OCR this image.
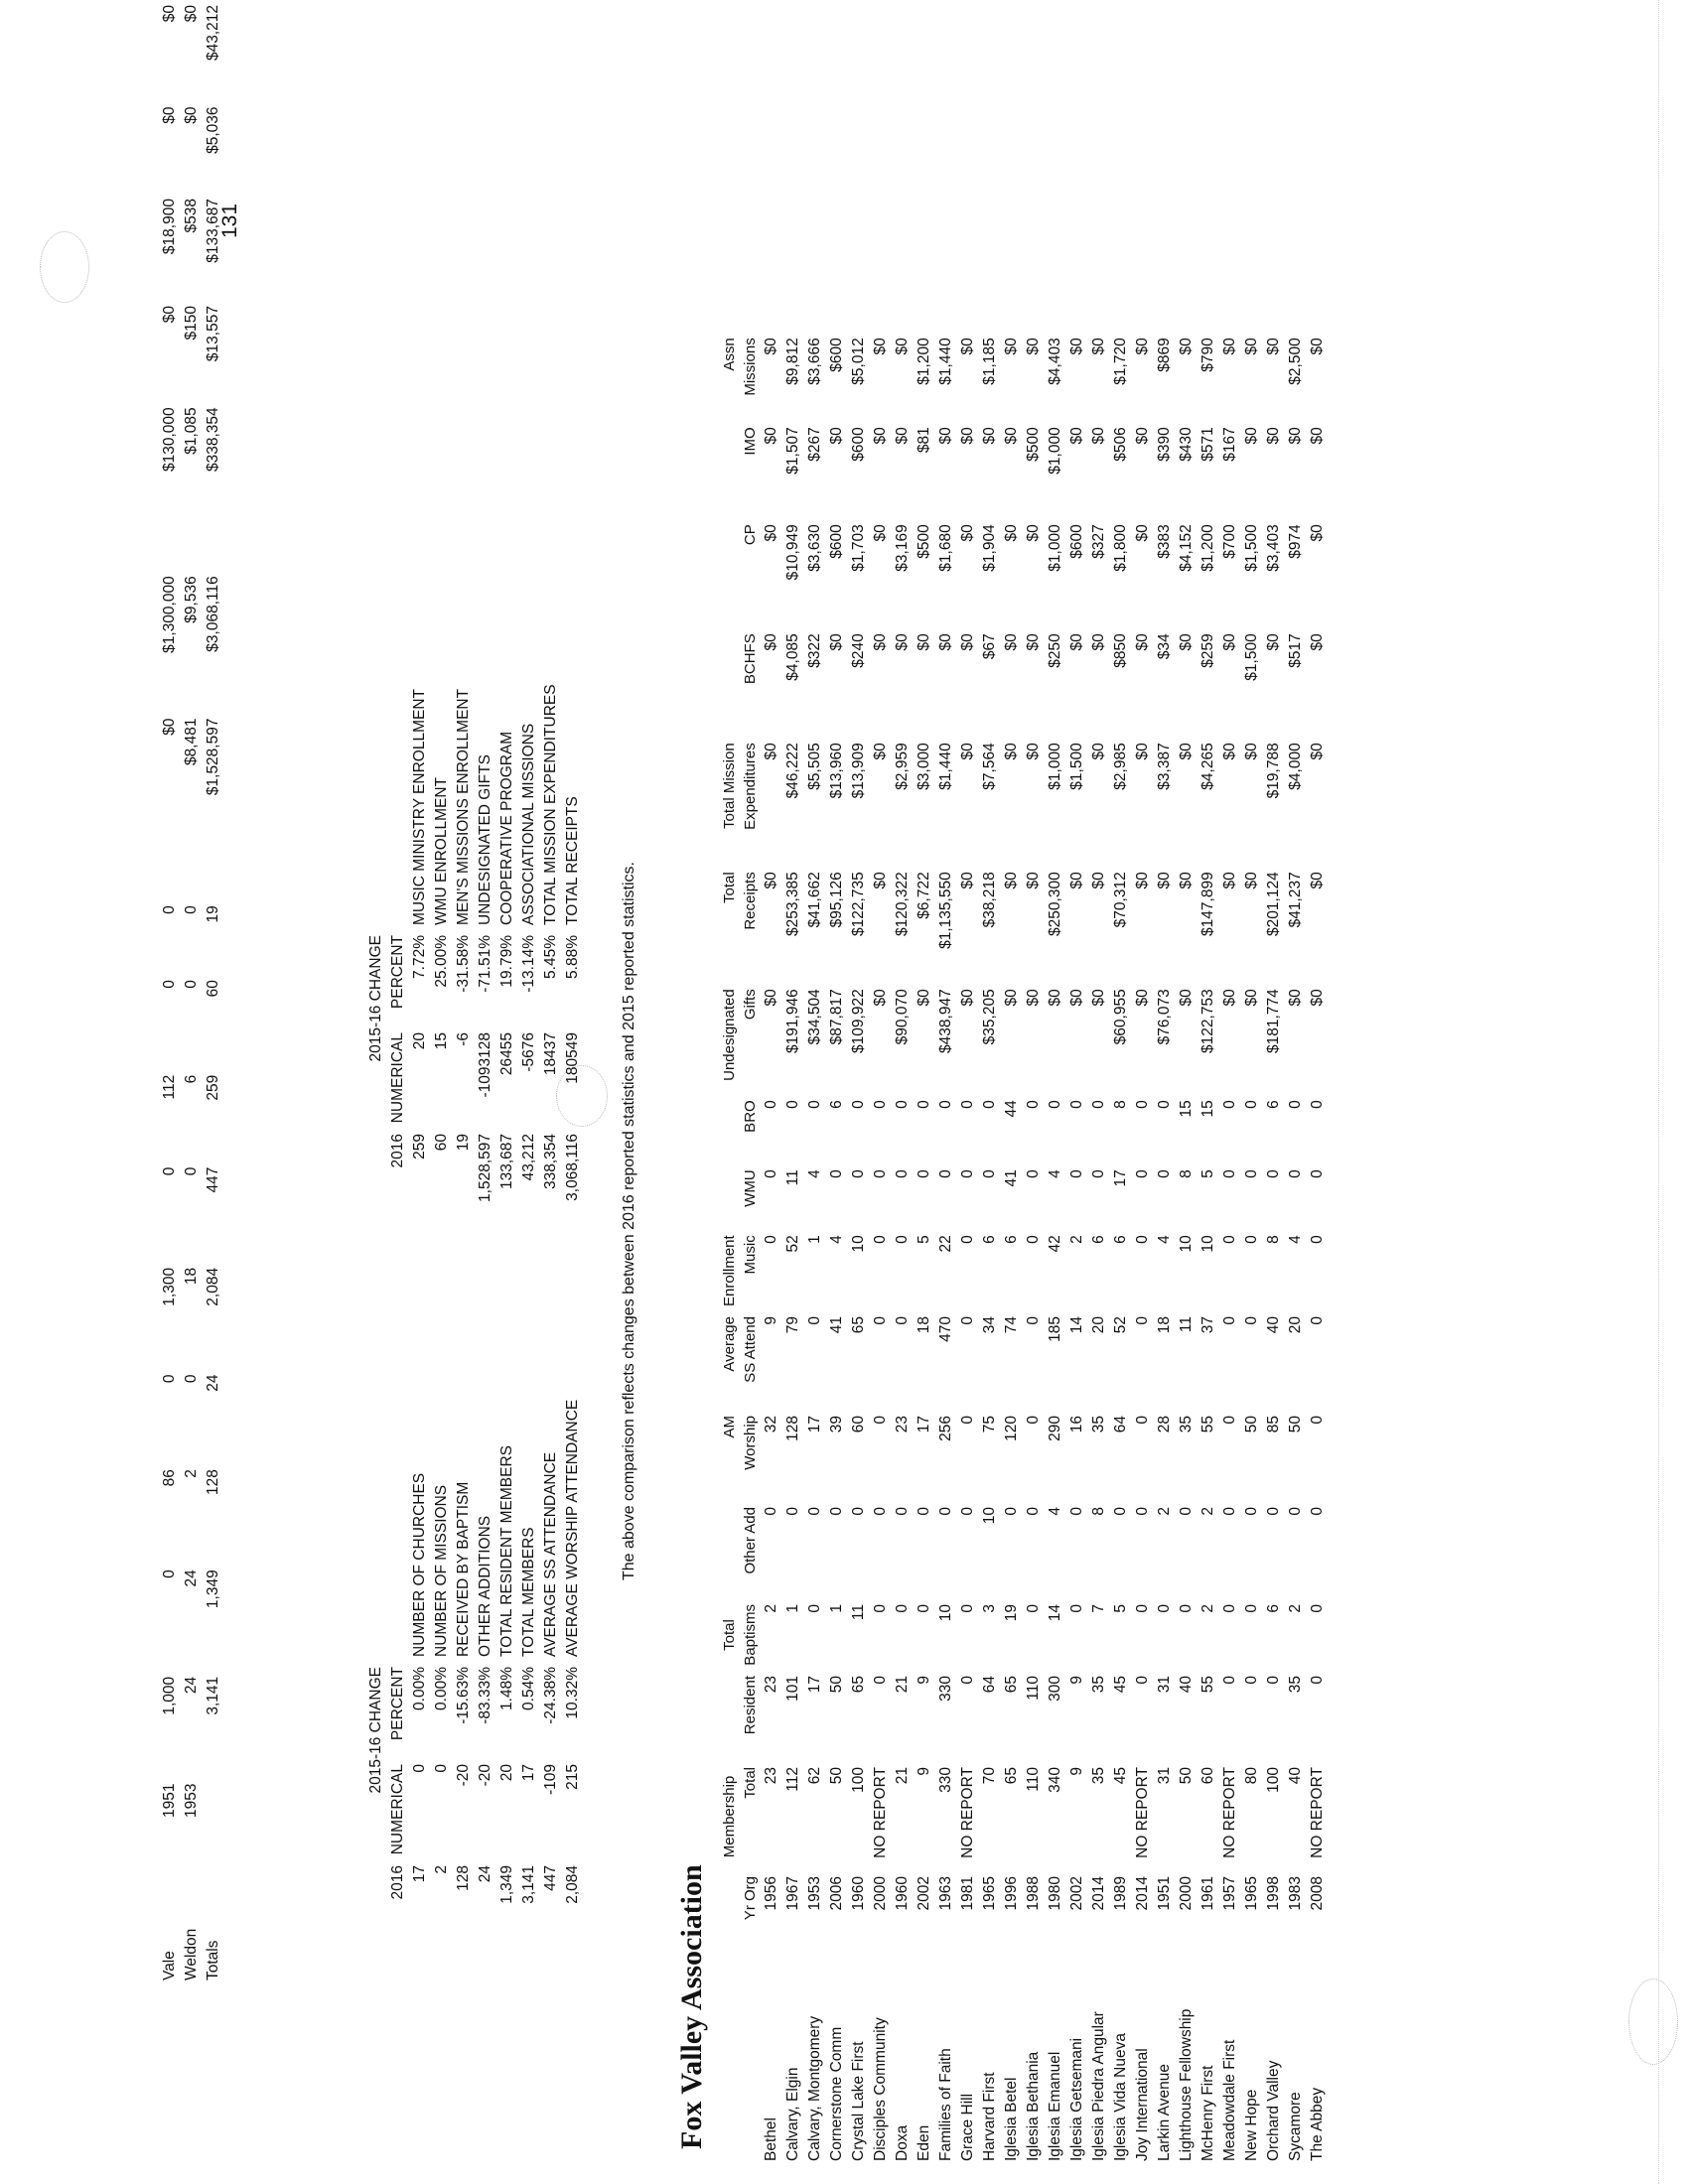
131
Vale	1951	1,000	0	86	0	1,300	0	112	0	0	$0	$1,300,000	$130,000	$0	$18,900	$0	$0
Weldon	1953	24	24	2	0	18	0	6	0	0	$8,481	$9,536	$1,085	$150	$538	$0	$0
Totals		3,141	1,349	128	24	2,084	447	259	60	19	$1,528,597	$3,068,116	$338,354	$13,557	$133,687	$5,036	$43,212
2015-16 CHANGE			
2016	NUMERICAL	PERCENT	
17	0	0.00%	NUMBER OF CHURCHES
2	0	0.00%	NUMBER OF MISSIONS
128	-20	-15.63%	RECEIVED BY BAPTISM
24	-20	-83.33%	OTHER ADDITIONS
1,349	20	1.48%	TOTAL RESIDENT MEMBERS
3,141	17	0.54%	TOTAL MEMBERS
447	-109	-24.38%	AVERAGE SS ATTENDANCE
2,084	215	10.32%	AVERAGE WORSHIP ATTENDANCE
2015-16 CHANGE			
2016	NUMERICAL	PERCENT	
259	20	7.72%	MUSIC MINISTRY ENROLLMENT
60	15	25.00%	WMU ENROLLMENT
19	-6	-31.58%	MEN'S MISSIONS ENROLLMENT
1,528,597	-1093128	-71.51%	UNDESIGNATED GIFTS
133,687	26455	19.79%	COOPERATIVE PROGRAM
43,212	-5676	-13.14%	ASSOCIATIONAL MISSIONS
338,354	18437	5.45%	TOTAL MISSION EXPENDITURES
3,068,116	180549	5.88%	TOTAL RECEIPTS
The above comparison reflects changes between 2016 reported statistics and 2015 reported statistics.
Fox Valley Association
		Membership		Total		AM	Average	Enrollment			Undesignated	Total	Total Mission				Assn
	Yr Org	Total	Resident	Baptisms	Other Add	Worship	SS Attend	Music	WMU	BRO	Gifts	Receipts	Expenditures	BCHFS	CP	IMO	Missions
Bethel	1956	23	23	2	0	32	9	0	0	0	$0	$0	$0	$0	$0	$0	$0
Calvary, Elgin	1967	112	101	1	0	128	79	52	11	0	$191,946	$253,385	$46,222	$4,085	$10,949	$1,507	$9,812
Calvary, Montgomery	1953	62	17	0	0	17	0	1	4	0	$34,504	$41,662	$5,505	$322	$3,630	$267	$3,666
Cornerstone Comm	2006	50	50	1	0	39	41	4	0	6	$87,817	$95,126	$13,960	$0	$600	$0	$600
Crystal Lake First	1960	100	65	11	0	60	65	10	0	0	$109,922	$122,735	$13,909	$240	$1,703	$600	$5,012
Disciples Community	2000	NO REPORT	0	0	0	0	0	0	0	0	$0	$0	$0	$0	$0	$0	$0
Doxa	1960	21	21	0	0	23	0	0	0	0	$90,070	$120,322	$2,959	$0	$3,169	$0	$0
Eden	2002	9	9	0	0	17	18	5	0	0	$0	$6,722	$3,000	$0	$500	$81	$1,200
Families of Faith	1963	330	330	10	0	256	470	22	0	0	$438,947	$1,135,550	$1,440	$0	$1,680	$0	$1,440
Grace Hill	1981	NO REPORT	0	0	0	0	0	0	0	0	$0	$0	$0	$0	$0	$0	$0
Harvard First	1965	70	64	3	10	75	34	6	0	0	$35,205	$38,218	$7,564	$67	$1,904	$0	$1,185
Iglesia Betel	1996	65	65	19	0	120	74	6	41	44	$0	$0	$0	$0	$0	$0	$0
Iglesia Bethania	1988	110	110	0	0	0	0	0	0	0	$0	$0	$0	$0	$0	$500	$0
Iglesia Emanuel	1980	340	300	14	4	290	185	42	4	0	$0	$250,300	$1,000	$250	$1,000	$1,000	$4,403
Iglesia Getsemani	2002	9	9	0	0	16	14	2	0	0	$0	$0	$1,500	$0	$600	$0	$0
Iglesia Piedra Angular	2014	35	35	7	8	35	20	6	0	0	$0	$0	$0	$0	$327	$0	$0
Iglesia Vida Nueva	1989	45	45	5	0	64	52	6	17	8	$60,955	$70,312	$2,985	$850	$1,800	$506	$1,720
Joy International	2014	NO REPORT	0	0	0	0	0	0	0	0	$0	$0	$0	$0	$0	$0	$0
Larkin Avenue	1951	31	31	0	2	28	18	4	0	0	$76,073	$0	$3,387	$34	$383	$390	$869
Lighthouse Fellowship	2000	50	40	0	0	35	11	10	8	15	$0	$0	$0	$0	$4,152	$430	$0
McHenry First	1961	60	55	2	2	55	37	10	5	15	$122,753	$147,899	$4,265	$259	$1,200	$571	$790
Meadowdale First	1957	NO REPORT	0	0	0	0	0	0	0	0	$0	$0	$0	$0	$700	$167	$0
New Hope	1965	80	0	0	0	50	0	0	0	0	$0	$0	$0	$1,500	$1,500	$0	$0
Orchard Valley	1998	100	0	6	0	85	40	8	0	6	$181,774	$201,124	$19,788	$0	$3,403	$0	$0
Sycamore	1983	40	35	2	0	50	20	4	0	0	$0	$41,237	$4,000	$517	$974	$0	$2,500
The Abbey	2008	NO REPORT	0	0	0	0	0	0	0	0	$0	$0	$0	$0	$0	$0	$0
